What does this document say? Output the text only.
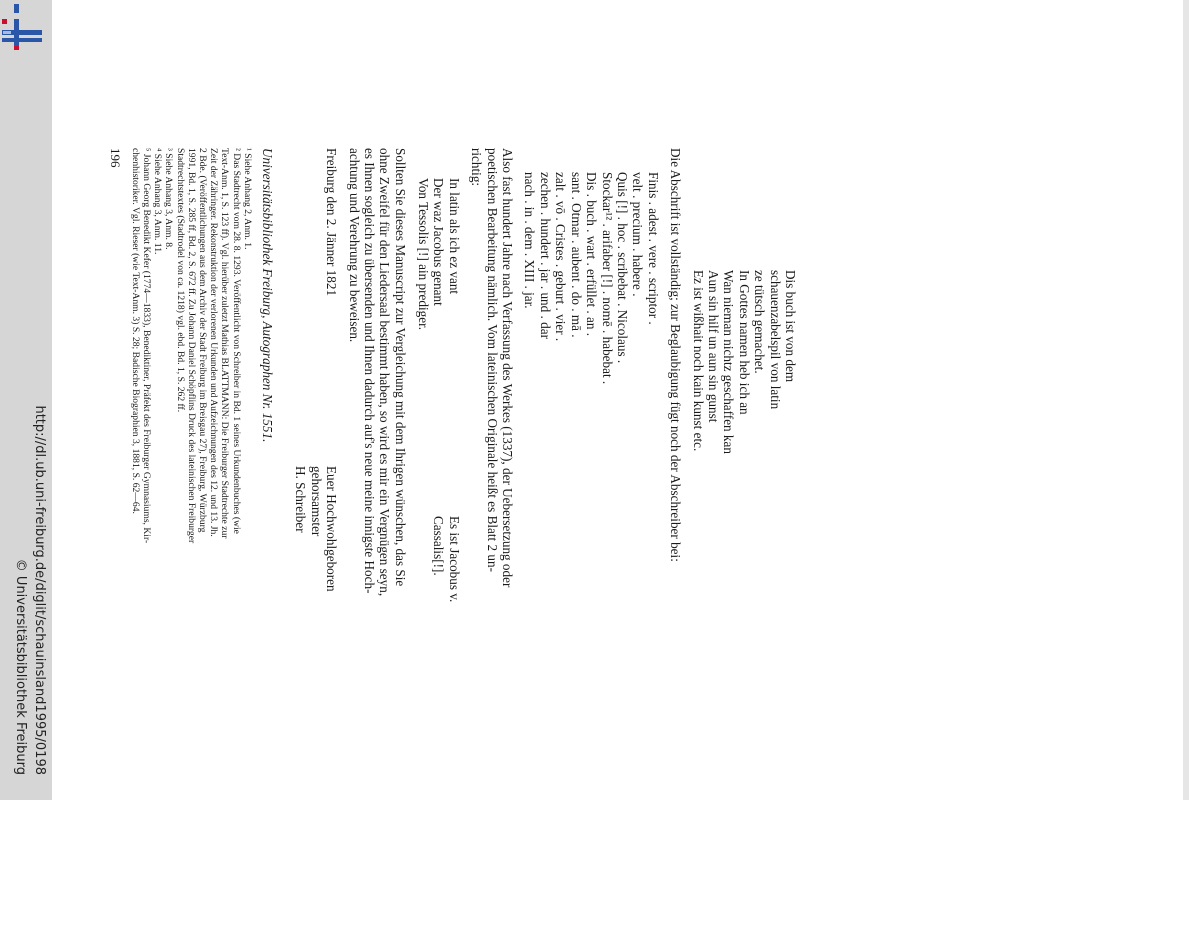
http://dl.ub.uni-freiburg.de/diglit/schauinsland1995/0198
© Universitätsbibliothek Freiburg
Dis buch ist von dem
schauenzabelspil von latin
ze tütsch gemachet.
In Gottes namen heb ich an
Wan nieman nichtz geschaffen kan
Aun sin hilf un aun sin gunst
Ez ist wißhait noch kain kunst etc.
Die Abschrift ist vollständig; zur Beglaubigung fügt noch der Abschreiber bei:
Finis . adest . vere . scriptor .
velt . precium . habere .
Quis [!] . hoc . scribebat . Nicolaus .
Stockar¹² . arifaber [!] . nomē . habebat .
Dis . buch . wart . erfüllet . an .
sant . Otmar . aubent . do . mā .
zalt . vō . Cristes . geburt . vier .
zechen . hundert . jar . und . dar
nach . in . dem . XIII . jar.
Also fast hundert Jahre nach Verfassung des Werkes (1337), der Uebersetzung oder
poetischen Bearbeitung nämlich. Vom lateinischen Originale heißt es Blatt 2 un-
richtig:
In latin als ich ez vant
Der waz Jacobus genant
Von Tessolis [!] ain prediger.
Es ist Jacobus v.
Cassalis[!].
Sollten Sie dieses Manuscript zur Vergleichung mit dem Ihrigen wünschen, das Sie
ohne Zweifel für den Liedersaal bestimmt haben, so wird es mir ein Vergnügen seyn,
es Ihnen sogleich zu übersenden und Ihnen dadurch auf's neue meine innigste Hoch-
achtung und Verehrung zu beweisen.
Freiburg den 2. Jänner 1821
Euer Hochwohlgeboren
gehorsamster
H. Schreiber
Universitätsbibliothek Freiburg, Autographen Nr. 1551.
¹ Siehe Anhang 2, Anm. 1.
² Das Stadtrecht vom 28. 8. 1293. Veröffentlicht von Schreiber in Bd. 1 seines Urkundenbuches (wie
Text-Anm. 1, S. 123 ff). Vgl. hierüber zuletzt Mathias BLATTMANN: Die Freiburger Stadtrechte zur
Zeit der Zähringer. Rekonstruktion der verlorenen Urkunden und Aufzeichnungen des 12. und 13. Jh.
2 Bde. (Veröffentlichungen aus dem Archiv der Stadt Freiburg im Breisgau 27), Freiburg, Würzburg
1991, Bd. 1, S. 285 ff, Bd. 2, S. 672 ff. Zu Johann Daniel Schöpflins Druck des lateinischen Freiburger
Stadtrechtstextes (Stadtrodel von ca. 1218) vgl. ebd. Bd. 1, S. 262 ff.
³ Siehe Anhang 3, Anm. 8.
⁴ Siehe Anhang 3, Anm. 11.
⁵ Johann Georg Benedikt Kefer (1774—1833), Benediktiner, Präfekt des Freiburger Gymnasiums, Kir-
chenhistoriker. Vgl. Rieser (wie Text-Anm. 3) S. 28; Badische Biographien 3, 1881, S. 62—64.
196
